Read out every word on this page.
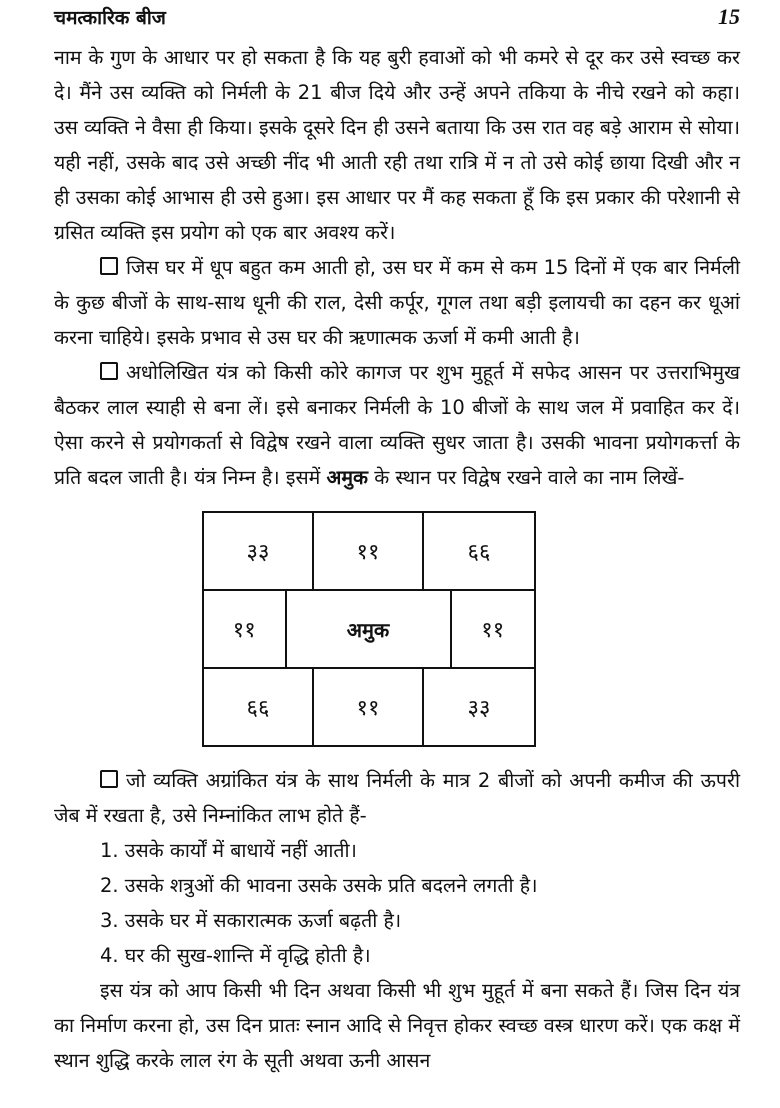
चमत्कारिक बीज	15

नाम के गुण के आधार पर हो सकता है कि यह बुरी हवाओं को भी कमरे से दूर कर उसे स्वच्छ कर दे। मैंने उस व्यक्ति को निर्मली के 21 बीज दिये और उन्हें अपने तकिया के नीचे रखने को कहा। उस व्यक्ति ने वैसा ही किया। इसके दूसरे दिन ही उसने बताया कि उस रात वह बड़े आराम से सोया। यही नहीं, उसके बाद उसे अच्छी नींद भी आती रही तथा रात्रि में न तो उसे कोई छाया दिखी और न ही उसका कोई आभास ही उसे हुआ। इस आधार पर मैं कह सकता हूँ कि इस प्रकार की परेशानी से ग्रसित व्यक्ति इस प्रयोग को एक बार अवश्य करें।

जिस घर में धूप बहुत कम आती हो, उस घर में कम से कम 15 दिनों में एक बार निर्मली के कुछ बीजों के साथ-साथ धूनी की राल, देसी कर्पूर, गूगल तथा बड़ी इलायची का दहन कर धूआं करना चाहिये। इसके प्रभाव से उस घर की ऋणात्मक ऊर्जा में कमी आती है।

अधोलिखित यंत्र को किसी कोरे कागज पर शुभ मुहूर्त में सफेद आसन पर उत्तराभिमुख बैठकर लाल स्याही से बना लें। इसे बनाकर निर्मली के 10 बीजों के साथ जल में प्रवाहित कर दें। ऐसा करने से प्रयोगकर्ता से विद्वेष रखने वाला व्यक्ति सुधर जाता है। उसकी भावना प्रयोगकर्त्ता के प्रति बदल जाती है। यंत्र निम्न है। इसमें अमुक के स्थान पर विद्वेष रखने वाले का नाम लिखें-

३३	११	६६
११	अमुक	११
६६	११	३३

जो व्यक्ति अग्रांकित यंत्र के साथ निर्मली के मात्र 2 बीजों को अपनी कमीज की ऊपरी जेब में रखता है, उसे निम्नांकित लाभ होते हैं-

1. उसके कार्यों में बाधायें नहीं आती।
2. उसके शत्रुओं की भावना उसके उसके प्रति बदलने लगती है।
3. उसके घर में सकारात्मक ऊर्जा बढ़ती है।
4. घर की सुख-शान्ति में वृद्धि होती है।

इस यंत्र को आप किसी भी दिन अथवा किसी भी शुभ मुहूर्त में बना सकते हैं। जिस दिन यंत्र का निर्माण करना हो, उस दिन प्रातः स्नान आदि से निवृत्त होकर स्वच्छ वस्त्र धारण करें। एक कक्ष में स्थान शुद्धि करके लाल रंग के सूती अथवा ऊनी आसन
